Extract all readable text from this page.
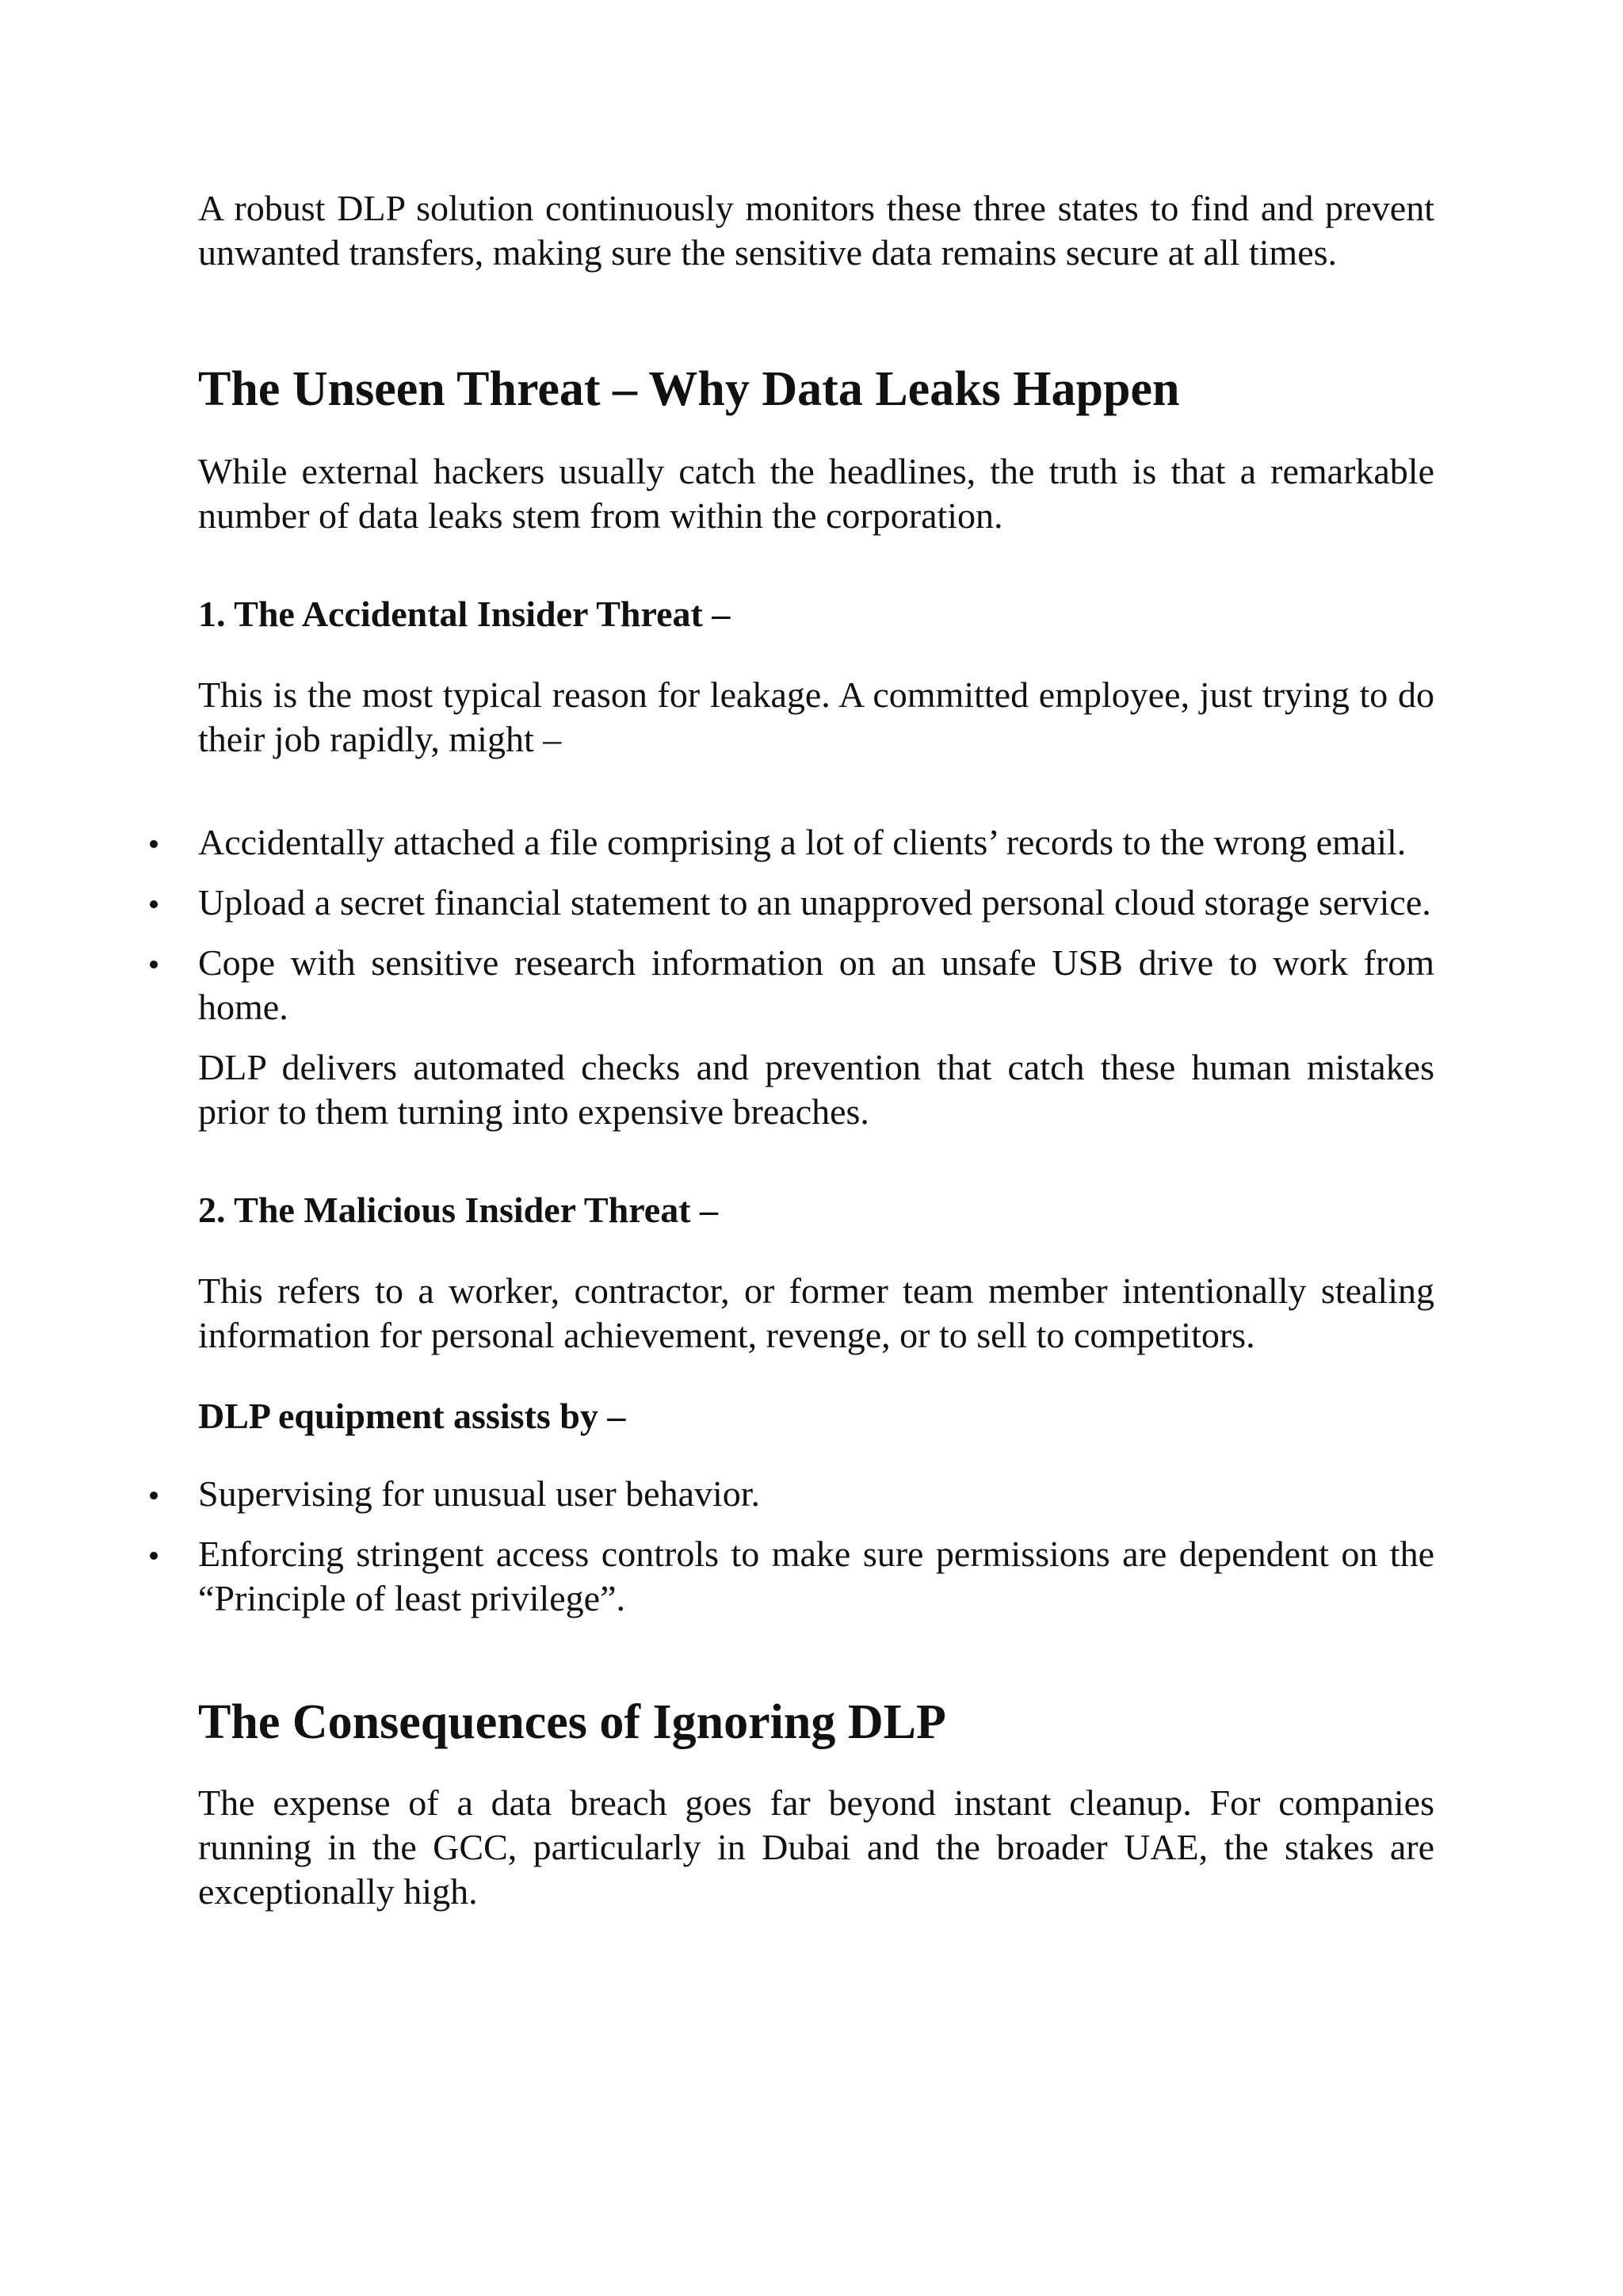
A robust DLP solution continuously monitors these three states to find and prevent unwanted transfers, making sure the sensitive data remains secure at all times.

The Unseen Threat – Why Data Leaks Happen

While external hackers usually catch the headlines, the truth is that a remarkable number of data leaks stem from within the corporation.

1. The Accidental Insider Threat –

This is the most typical reason for leakage. A committed employee, just trying to do their job rapidly, might –

Accidentally attached a file comprising a lot of clients’ records to the wrong email.
Upload a secret financial statement to an unapproved personal cloud storage service.
Cope with sensitive research information on an unsafe USB drive to work from home.

DLP delivers automated checks and prevention that catch these human mistakes prior to them turning into expensive breaches.

2. The Malicious Insider Threat –

This refers to a worker, contractor, or former team member intentionally stealing information for personal achievement, revenge, or to sell to competitors.

DLP equipment assists by –
Supervising for unusual user behavior.
Enforcing stringent access controls to make sure permissions are dependent on the “Principle of least privilege”.
The Consequences of Ignoring DLP

The expense of a data breach goes far beyond instant cleanup. For companies running in the GCC, particularly in Dubai and the broader UAE, the stakes are exceptionally high.
